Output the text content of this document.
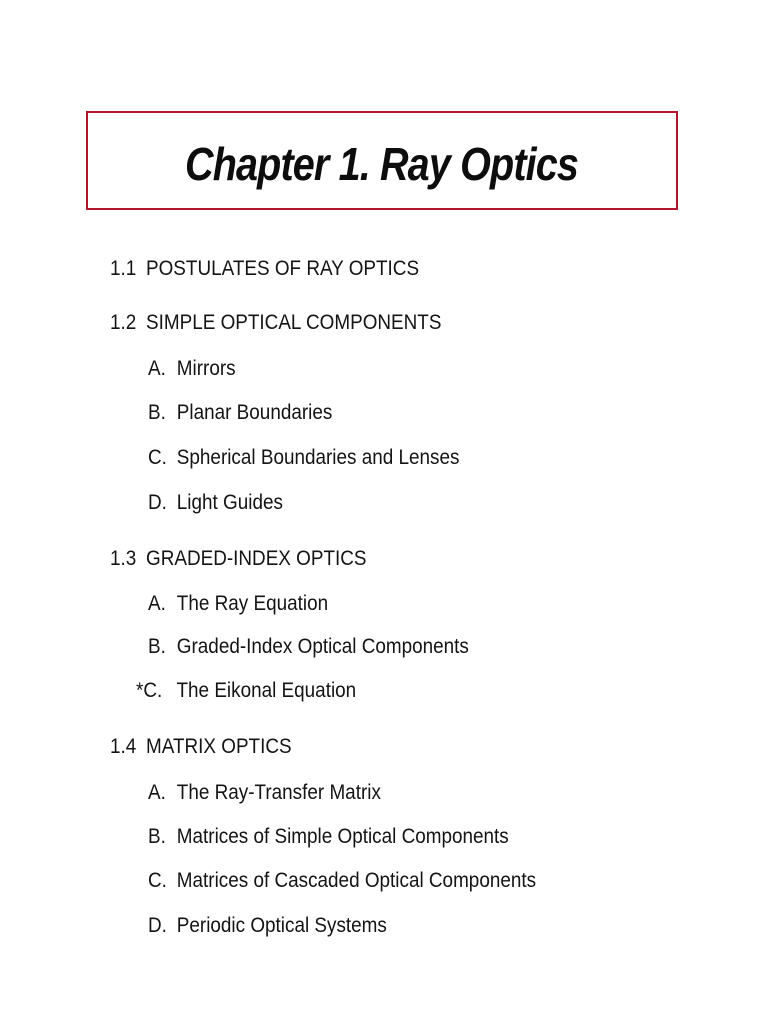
Chapter 1. Ray Optics
1.1 POSTULATES OF RAY OPTICS
1.2 SIMPLE OPTICAL COMPONENTS
A. Mirrors
B. Planar Boundaries
C. Spherical Boundaries and Lenses
D. Light Guides
1.3 GRADED-INDEX OPTICS
A. The Ray Equation
B. Graded-Index Optical Components
*C. The Eikonal Equation
1.4 MATRIX OPTICS
A. The Ray-Transfer Matrix
B. Matrices of Simple Optical Components
C. Matrices of Cascaded Optical Components
D. Periodic Optical Systems
